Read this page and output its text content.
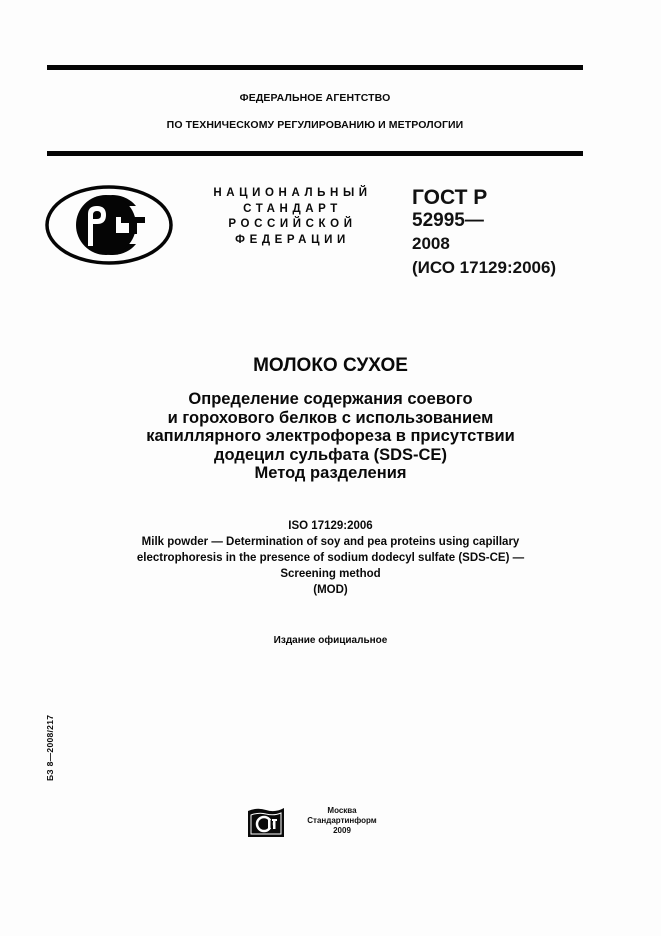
ФЕДЕРАЛЬНОЕ АГЕНТСТВО
ПО ТЕХНИЧЕСКОМУ РЕГУЛИРОВАНИЮ И МЕТРОЛОГИИ
НАЦИОНАЛЬНЫЙ
СТАНДАРТ
РОССИЙСКОЙ
ФЕДЕРАЦИИ
ГОСТ Р
52995—
2008
(ИСО 17129:2006)
МОЛОКО СУХОЕ
Определение содержания соевого
и горохового белков с использованием
капиллярного электрофореза в присутствии
додецил сульфата (SDS-CE)
Метод разделения
ISO 17129:2006
Milk powder — Determination of soy and pea proteins using capillary
electrophoresis in the presence of sodium dodecyl sulfate (SDS-CE) —
Screening method
(MOD)
Издание официальное
БЗ 8—2008/217
Москва
Стандартинформ
2009
